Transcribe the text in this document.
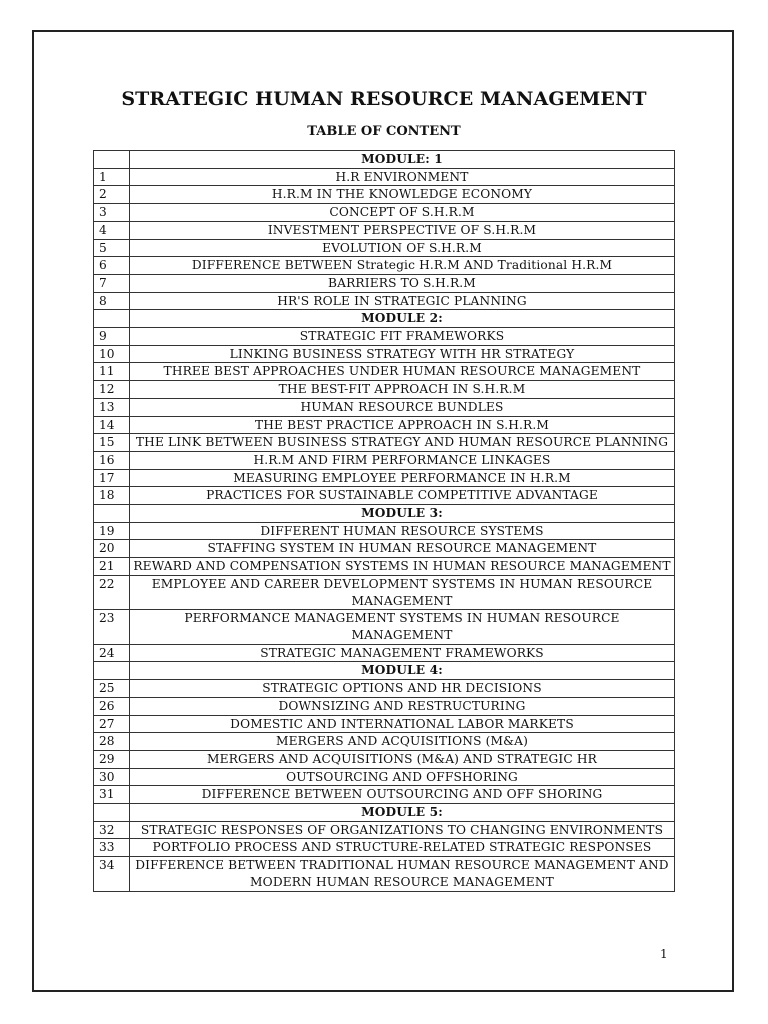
STRATEGIC HUMAN RESOURCE MANAGEMENT
TABLE OF CONTENT
	MODULE: 1
1	H.R ENVIRONMENT
2	H.R.M IN THE KNOWLEDGE ECONOMY
3	CONCEPT OF S.H.R.M
4	INVESTMENT PERSPECTIVE OF S.H.R.M
5	EVOLUTION OF S.H.R.M
6	DIFFERENCE BETWEEN Strategic H.R.M AND Traditional H.R.M
7	BARRIERS TO S.H.R.M
8	HR'S ROLE IN STRATEGIC PLANNING
	MODULE 2:
9	STRATEGIC FIT FRAMEWORKS
10	LINKING BUSINESS STRATEGY WITH HR STRATEGY
11	THREE BEST APPROACHES UNDER HUMAN RESOURCE MANAGEMENT
12	THE BEST-FIT APPROACH IN S.H.R.M
13	HUMAN RESOURCE BUNDLES
14	THE BEST PRACTICE APPROACH IN S.H.R.M
15	THE LINK BETWEEN BUSINESS STRATEGY AND HUMAN RESOURCE PLANNING
16	H.R.M AND FIRM PERFORMANCE LINKAGES
17	MEASURING EMPLOYEE PERFORMANCE IN H.R.M
18	PRACTICES FOR SUSTAINABLE COMPETITIVE ADVANTAGE
	MODULE 3:
19	DIFFERENT HUMAN RESOURCE SYSTEMS
20	STAFFING SYSTEM IN HUMAN RESOURCE MANAGEMENT
21	REWARD AND COMPENSATION SYSTEMS IN HUMAN RESOURCE MANAGEMENT
22	EMPLOYEE AND CAREER DEVELOPMENT SYSTEMS IN HUMAN RESOURCE MANAGEMENT
23	PERFORMANCE MANAGEMENT SYSTEMS IN HUMAN RESOURCE MANAGEMENT
24	STRATEGIC MANAGEMENT FRAMEWORKS
	MODULE 4:
25	STRATEGIC OPTIONS AND HR DECISIONS
26	DOWNSIZING AND RESTRUCTURING
27	DOMESTIC AND INTERNATIONAL LABOR MARKETS
28	MERGERS AND ACQUISITIONS (M&A)
29	MERGERS AND ACQUISITIONS (M&A) AND STRATEGIC HR
30	OUTSOURCING AND OFFSHORING
31	DIFFERENCE BETWEEN OUTSOURCING AND OFF SHORING
	MODULE 5:
32	STRATEGIC RESPONSES OF ORGANIZATIONS TO CHANGING ENVIRONMENTS
33	PORTFOLIO PROCESS AND STRUCTURE-RELATED STRATEGIC RESPONSES
34	DIFFERENCE BETWEEN TRADITIONAL HUMAN RESOURCE MANAGEMENT AND MODERN HUMAN RESOURCE MANAGEMENT
1
